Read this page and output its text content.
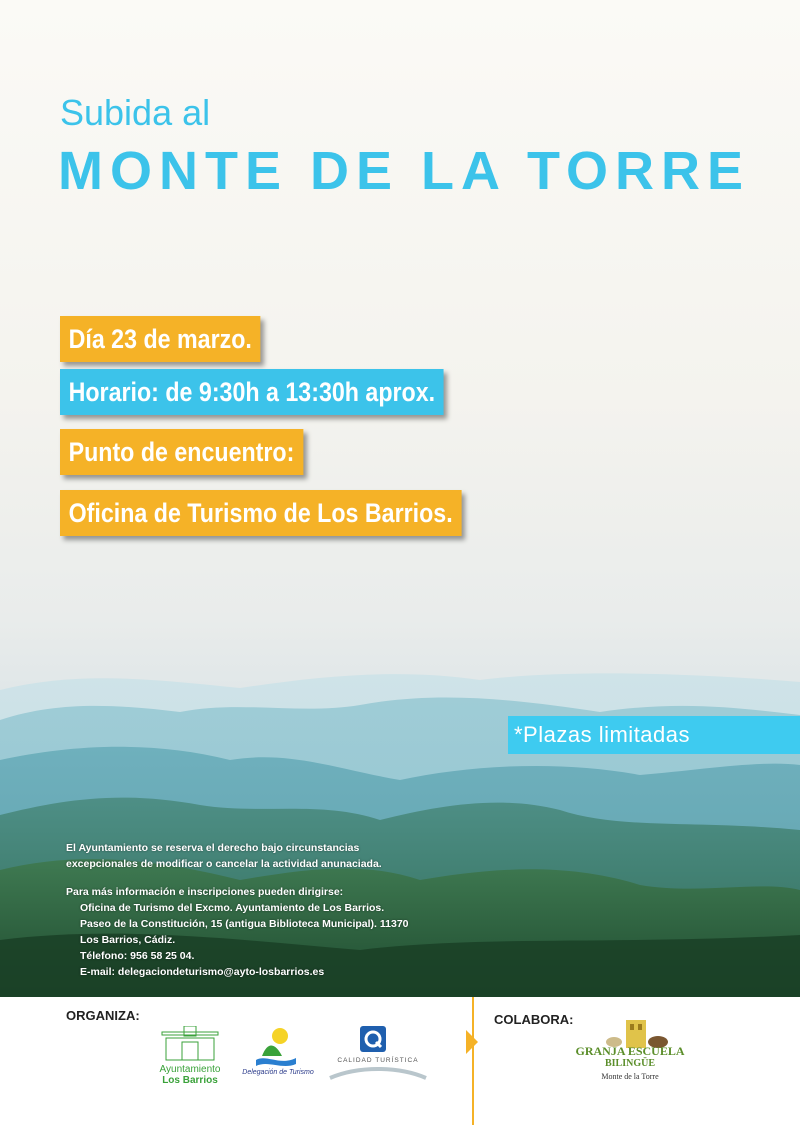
Subida al
MONTE DE LA TORRE
Día 23 de marzo.
Horario: de 9:30h a 13:30h aprox.
Punto de encuentro:
Oficina de Turismo de Los Barrios.
*Plazas limitadas
El Ayuntamiento se reserva el derecho bajo circunstancias
excepcionales de modificar o cancelar la actividad anunaciada.
Para más información e inscripciones pueden dirigirse:
Oficina de Turismo del Excmo. Ayuntamiento de Los Barrios.
Paseo de la Constitución, 15 (antigua Biblioteca Municipal). 11370
Los Barrios, Cádiz.
Télefono: 956 58 25 04.
E-mail: delegaciondeturismo@ayto-losbarrios.es
ORGANIZA:	COLABORA:
Ayuntamiento
Los Barrios
Delegación de Turismo
CALIDAD TURÍSTICA
GRANJA ESCUELA
BILINGÜE
Monte de la Torre
